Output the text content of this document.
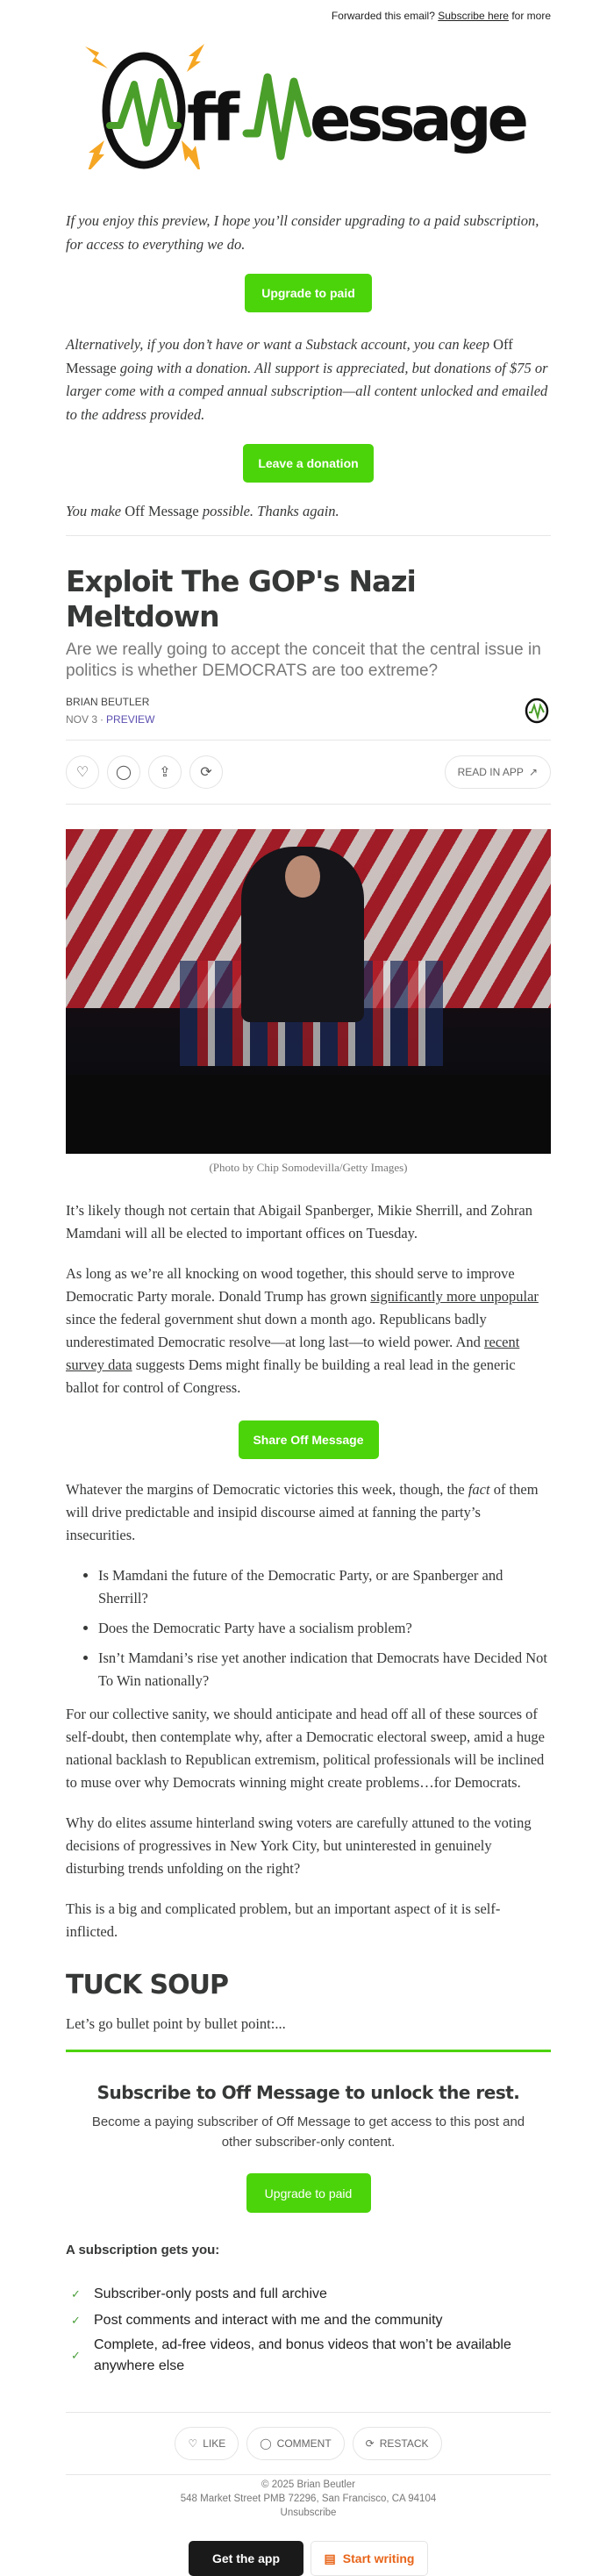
Forwarded this email? Subscribe here for more
ff essage

If you enjoy this preview, I hope you’ll consider upgrading to a paid subscription, for access to everything we do.

Upgrade to paid

Alternatively, if you don’t have or want a Substack account, you can keep Off Message going with a donation. All support is appreciated, but donations of $75 or larger come with a comped annual subscription—all content unlocked and emailed to the address provided.

Leave a donation

You make Off Message possible. Thanks again.

Exploit The GOP's Nazi Meltdown
Are we really going to accept the conceit that the central issue in politics is whether DEMOCRATS are too extreme?
BRIAN BEUTLER
NOV 3 ∙ PREVIEW
♡ ◯ ⇪ ⟳	READ IN APP ↗
(Photo by Chip Somodevilla/Getty Images)

It’s likely though not certain that Abigail Spanberger, Mikie Sherrill, and Zohran Mamdani will all be elected to important offices on Tuesday.

As long as we’re all knocking on wood together, this should serve to improve Democratic Party morale. Donald Trump has grown significantly more unpopular since the federal government shut down a month ago. Republicans badly underestimated Democratic resolve—at long last—to wield power. And recent survey data suggests Dems might finally be building a real lead in the generic ballot for control of Congress.

Share Off Message

Whatever the margins of Democratic victories this week, though, the fact of them will drive predictable and insipid discourse aimed at fanning the party’s insecurities.

• Is Mamdani the future of the Democratic Party, or are Spanberger and Sherrill?
• Does the Democratic Party have a socialism problem?
• Isn’t Mamdani’s rise yet another indication that Democrats have Decided Not To Win nationally?

For our collective sanity, we should anticipate and head off all of these sources of self-doubt, then contemplate why, after a Democratic electoral sweep, amid a huge national backlash to Republican extremism, political professionals will be inclined to muse over why Democrats winning might create problems…for Democrats.

Why do elites assume hinterland swing voters are carefully attuned to the voting decisions of progressives in New York City, but uninterested in genuinely disturbing trends unfolding on the right?

This is a big and complicated problem, but an important aspect of it is self-inflicted.

TUCK SOUP

Let’s go bullet point by bullet point:...

Subscribe to Off Message to unlock the rest.
Become a paying subscriber of Off Message to get access to this post and other subscriber-only content.
Upgrade to paid
A subscription gets you:
✓ Subscriber-only posts and full archive
✓ Post comments and interact with me and the community
✓
Complete, ad-free videos, and bonus videos that won’t be available anywhere else
♡ LIKE	◯ COMMENT	⟳ RESTACK
© 2025 Brian Beutler
548 Market Street PMB 72296, San Francisco, CA 94104
Unsubscribe
Get the app	▤ Start writing
